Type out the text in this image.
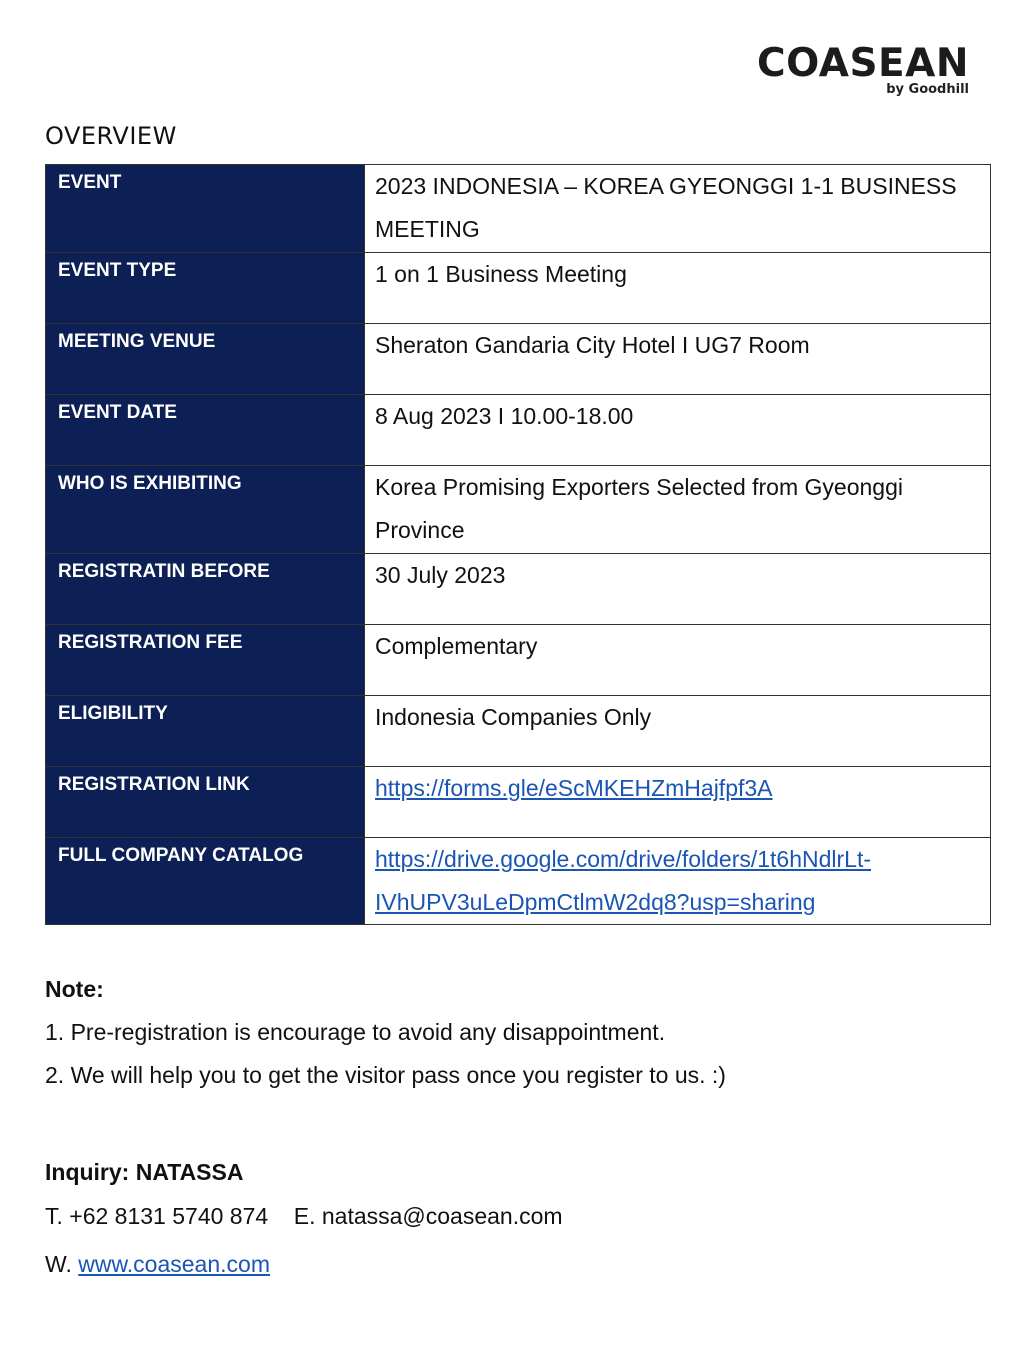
COASEAN
by Goodhill
OVERVIEW
EVENT	2023 INDONESIA – KOREA GYEONGGI 1-1 BUSINESS MEETING
EVENT TYPE	1 on 1 Business Meeting
MEETING VENUE	Sheraton Gandaria City Hotel I UG7 Room
EVENT DATE	8 Aug 2023 I 10.00-18.00
WHO IS EXHIBITING	Korea Promising Exporters Selected from Gyeonggi Province
REGISTRATIN BEFORE	30 July 2023
REGISTRATION FEE	Complementary
ELIGIBILITY	Indonesia Companies Only
REGISTRATION LINK	https://forms.gle/eScMKEHZmHajfpf3A
FULL COMPANY CATALOG	https://drive.google.com/drive/folders/1t6hNdlrLt-
IVhUPV3uLeDpmCtlmW2dq8?usp=sharing
Note:
1. Pre-registration is encourage to avoid any disappointment.
2. We will help you to get the visitor pass once you register to us. :)
Inquiry: NATASSA
T. +62 8131 5740 874 E. natassa@coasean.com
W. www.coasean.com
